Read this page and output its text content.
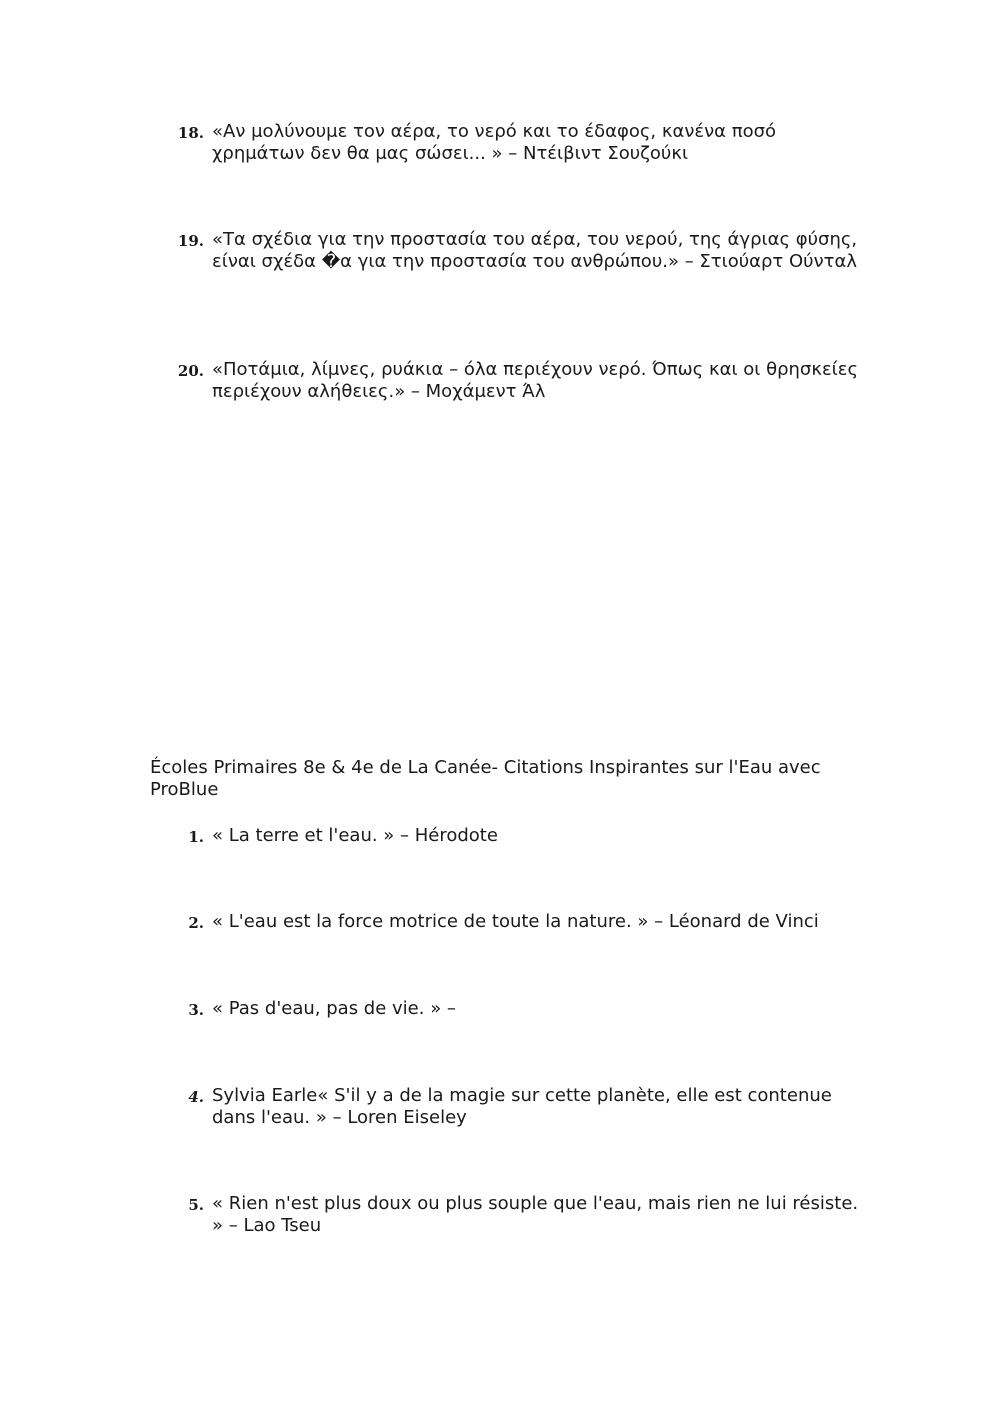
18. «Αν μολύνουμε τον αέρα, το νερό και το έδαφος, κανένα ποσό χρημάτων δεν θα μας σώσει... » – Ντέιβιντ Σουζούκι
19. «Τα σχέδια για την προστασία του αέρα, του νερού, της άγριας φύσης, είναι σχέδα �α για την προστασία του ανθρώπου.» – Στιούαρτ Ούνταλ
20. «Ποτάμια, λίμνες, ρυάκια – όλα περιέχουν νερό. Όπως και οι θρησκείες περιέχουν αλήθειες.» – Μοχάμεντ Άλ
Écoles Primaires 8e & 4e de La Canée- Citations Inspirantes sur l'Eau avec ProBlue
1. « La terre et l'eau. » – Hérodote
2. « L'eau est la force motrice de toute la nature. » – Léonard de Vinci
3. « Pas d'eau, pas de vie. » –
4. Sylvia Earle« S'il y a de la magie sur cette planète, elle est contenue dans l'eau. » – Loren Eiseley
5. « Rien n'est plus doux ou plus souple que l'eau, mais rien ne lui résiste. » – Lao Tseu
